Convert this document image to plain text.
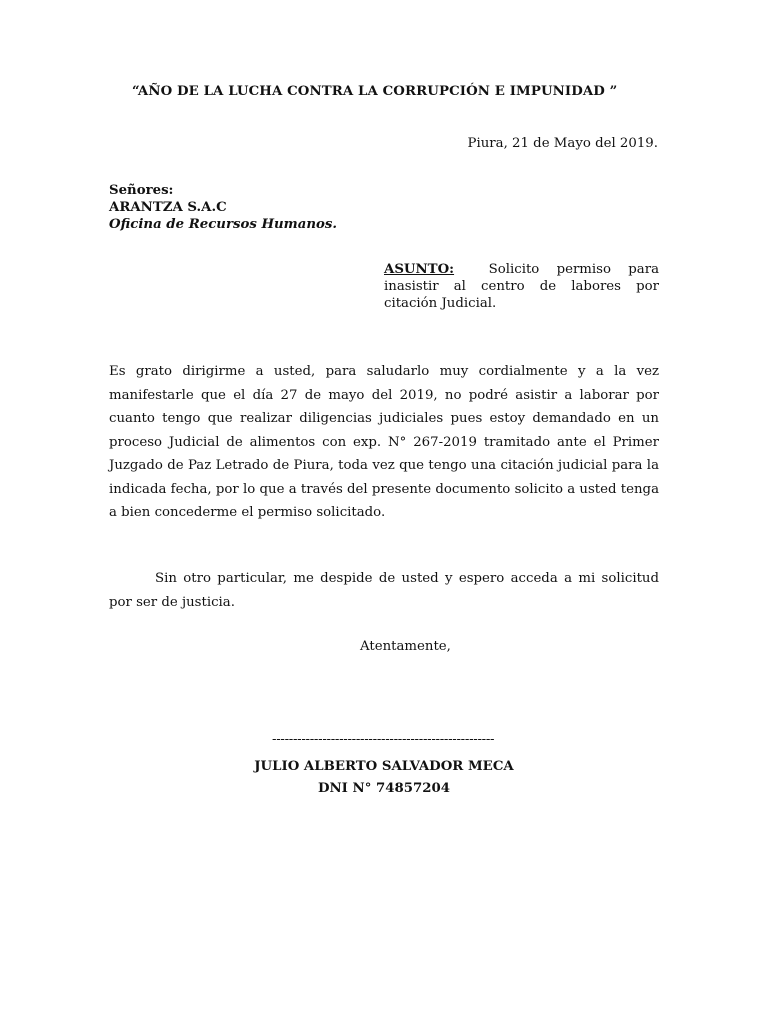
“AÑO DE LA LUCHA CONTRA LA CORRUPCIÓN E IMPUNIDAD ”
Piura, 21 de Mayo del 2019.
Señores:
ARANTZA S.A.C
Oficina de Recursos Humanos.
ASUNTO:	Solicito permiso para inasistir al centro de labores por citación Judicial.
Es grato dirigirme a usted, para saludarlo muy cordialmente y a la vez manifestarle que el día 27 de mayo del 2019, no podré asistir a laborar por cuanto tengo que realizar diligencias judiciales pues estoy demandado en un proceso Judicial de alimentos con exp. N° 267-2019 tramitado ante el Primer Juzgado de Paz Letrado de Piura, toda vez que tengo una citación judicial para la indicada fecha, por lo que a través del presente documento solicito a usted tenga a bien concederme el permiso solicitado.
Sin otro particular, me despide de usted y espero acceda a mi solicitud por ser de justicia.
Atentamente,
-----------------------------------------------------
JULIO ALBERTO SALVADOR MECA
DNI N° 74857204
